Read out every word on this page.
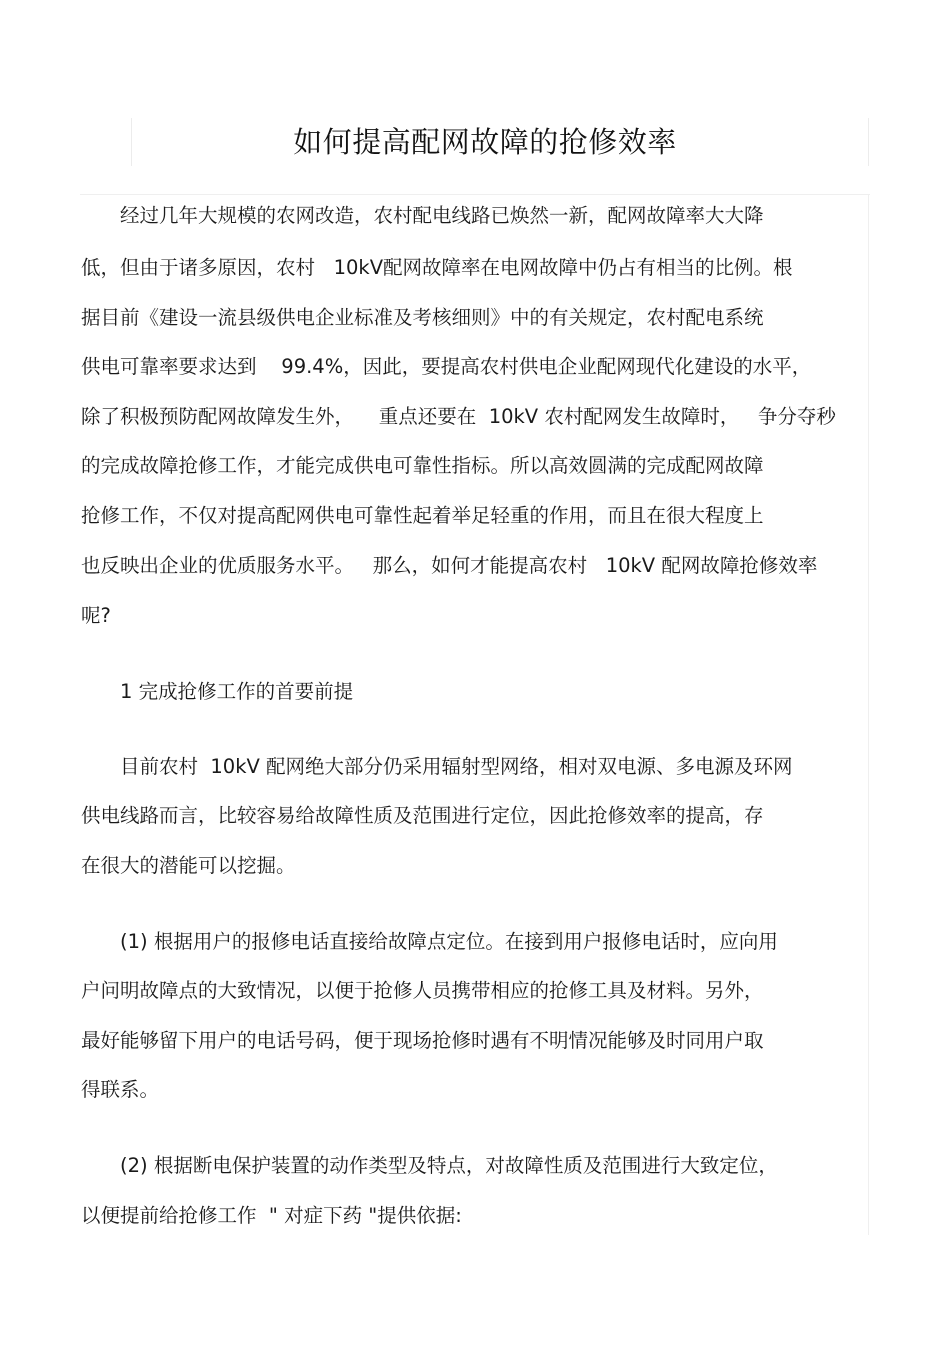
如何提高配网故障的抢修效率
经过几年大规模的农网改造，农村配电线路已焕然一新，配网故障率大大降
低，但由于诸多原因，农村   10kV配网故障率在电网故障中仍占有相当的比例。根
据目前《建设一流县级供电企业标准及考核细则》中的有关规定，农村配电系统
供电可靠率要求达到    99.4%，因此，要提高农村供电企业配网现代化建设的水平，
除了积极预防配网故障发生外，    重点还要在  10kV 农村配网发生故障时，   争分夺秒
的完成故障抢修工作，才能完成供电可靠性指标。所以高效圆满的完成配网故障
抢修工作，不仅对提高配网供电可靠性起着举足轻重的作用，而且在很大程度上
也反映出企业的优质服务水平。   那么，如何才能提高农村   10kV 配网故障抢修效率
呢?
1 完成抢修工作的首要前提
目前农村  10kV 配网绝大部分仍采用辐射型网络，相对双电源、多电源及环网
供电线路而言，比较容易给故障性质及范围进行定位，因此抢修效率的提高，存
在很大的潜能可以挖掘。
(1) 根据用户的报修电话直接给故障点定位。在接到用户报修电话时，应向用
户问明故障点的大致情况，以便于抢修人员携带相应的抢修工具及材料。另外，
最好能够留下用户的电话号码，便于现场抢修时遇有不明情况能够及时同用户取
得联系。
(2) 根据断电保护装置的动作类型及特点，对故障性质及范围进行大致定位，
以便提前给抢修工作  " 对症下药 "提供依据:
